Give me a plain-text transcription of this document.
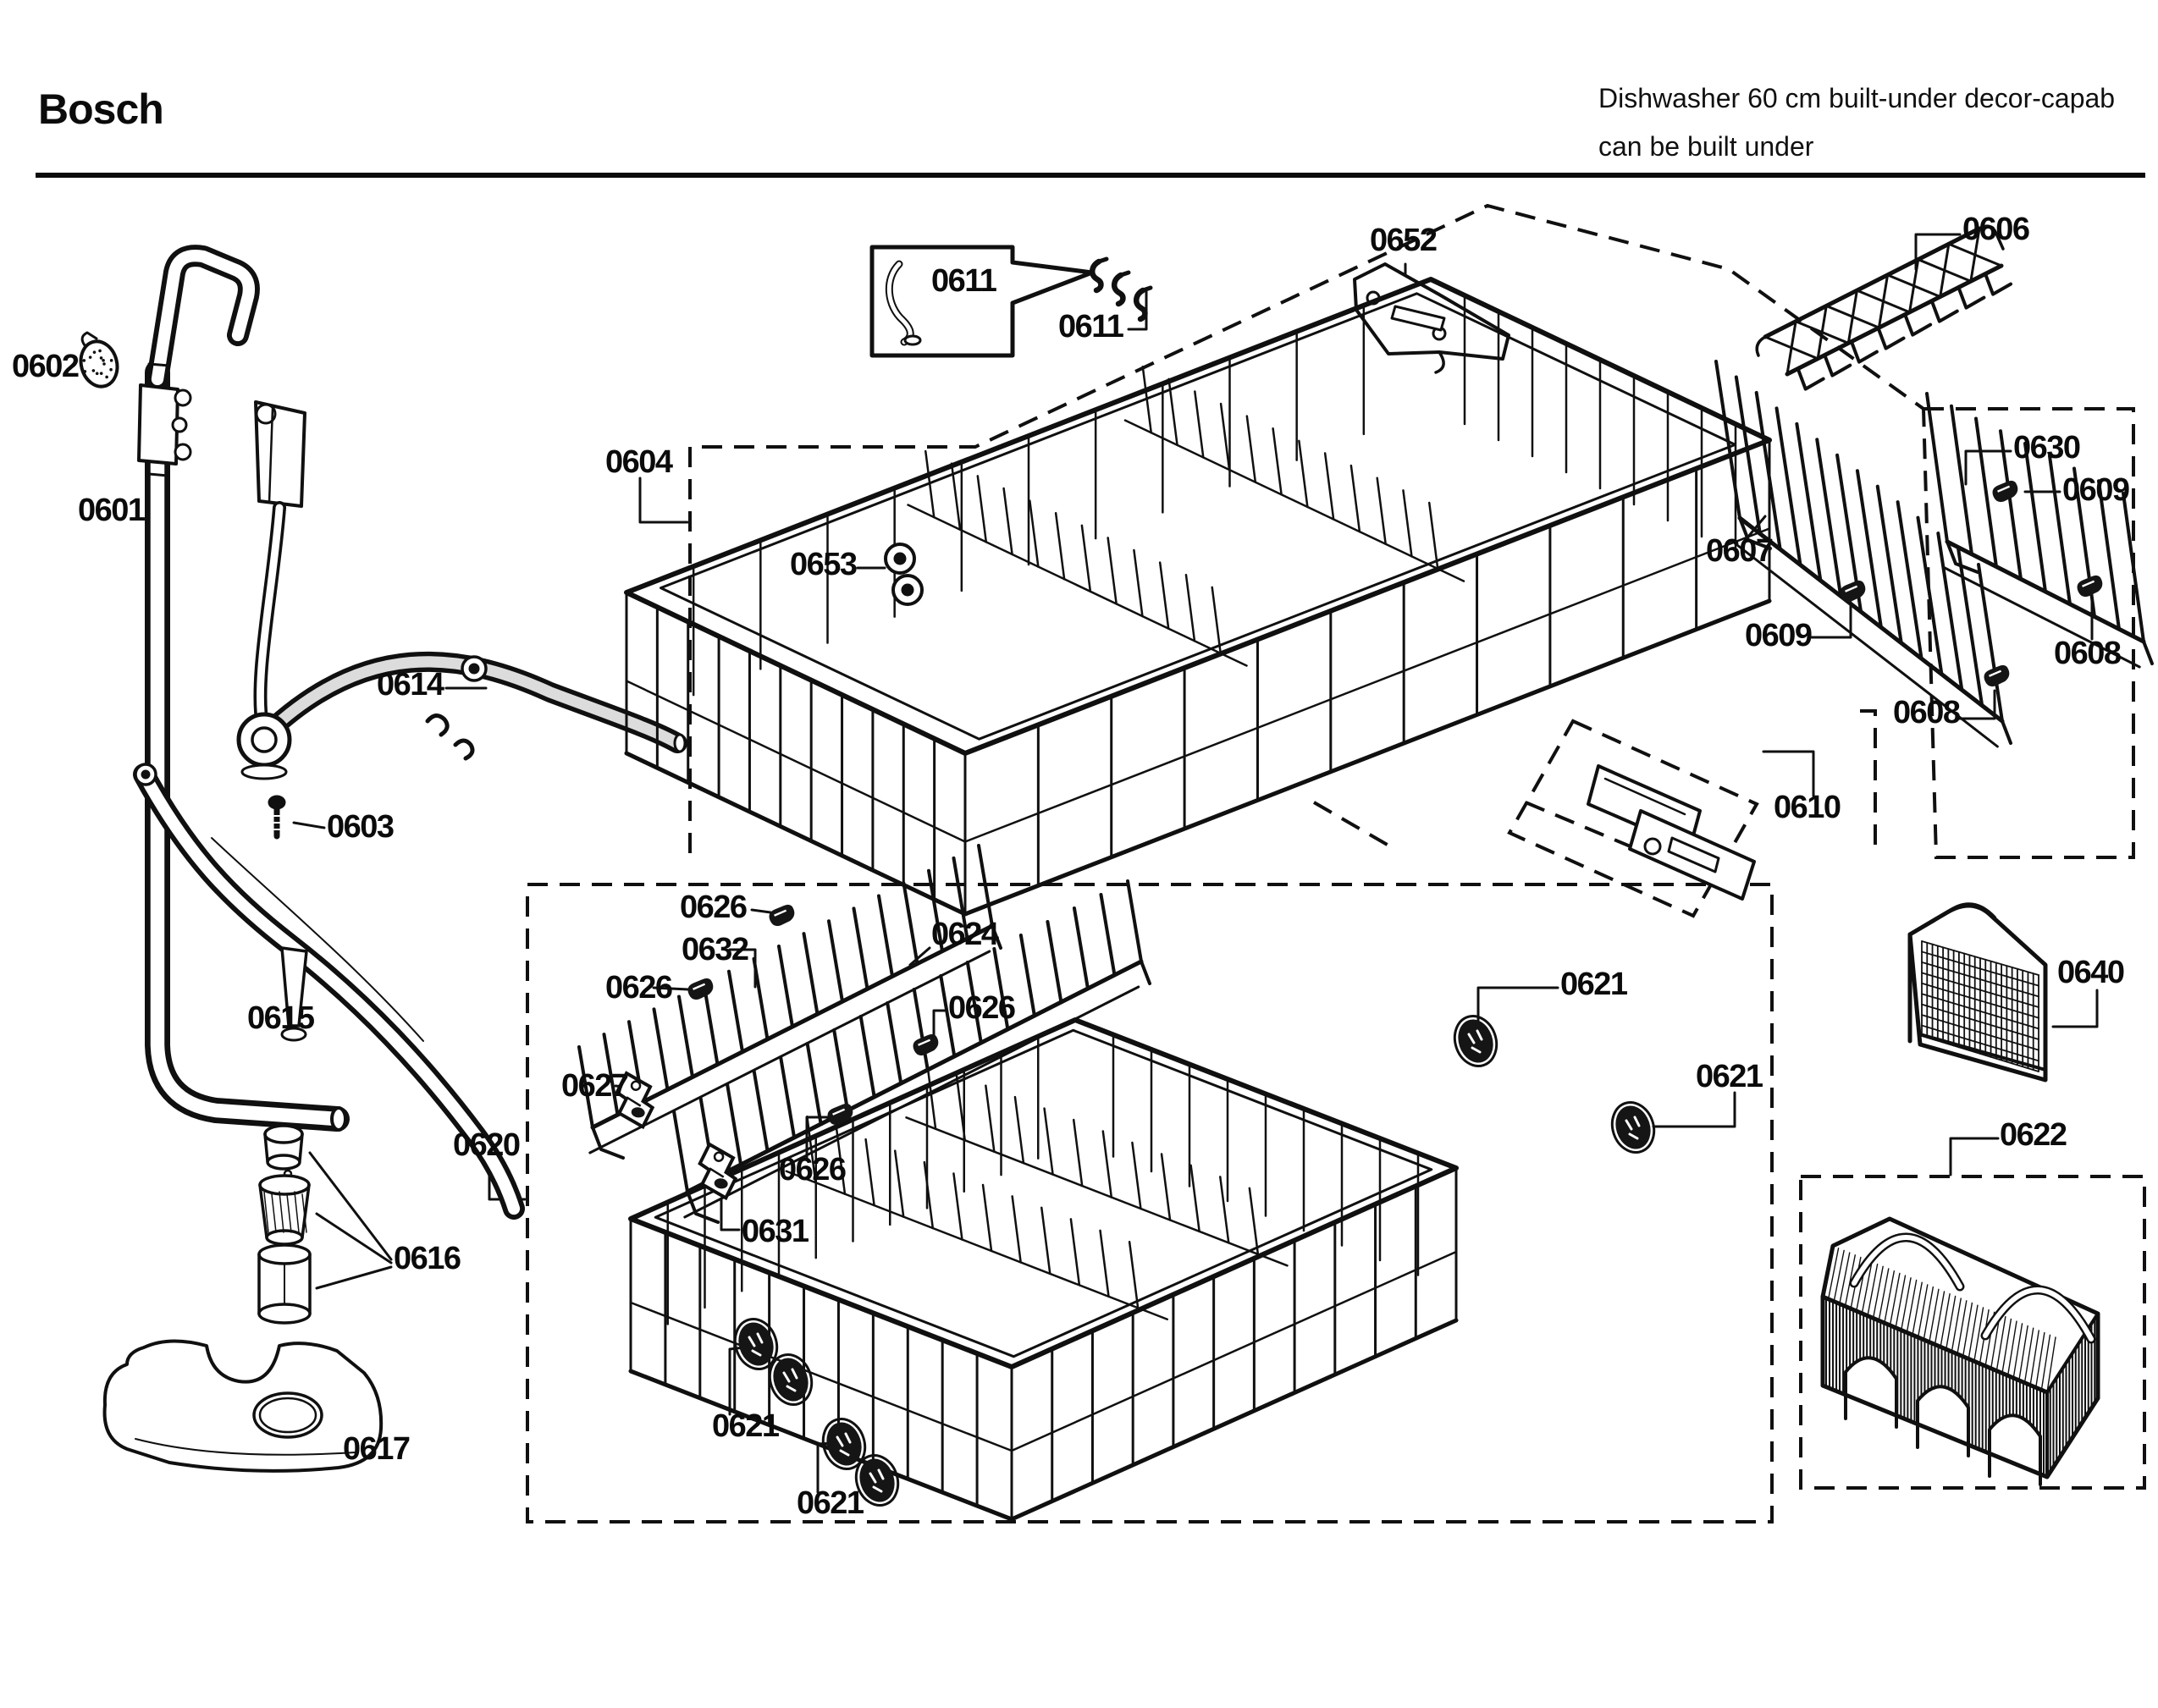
Bosch	Dishwasher 60 cm built-under decor-capab
can be built under
0602
0601
0614
0603
0615
0616
0617
0620
0604
0611
0611
0652
0653
0606
0630
0609
0607
0609	0608
0608
0610
0640
0622
0626
0632
0626
0624
0626
0626
0627
0631
0621
0621
0621
0621
